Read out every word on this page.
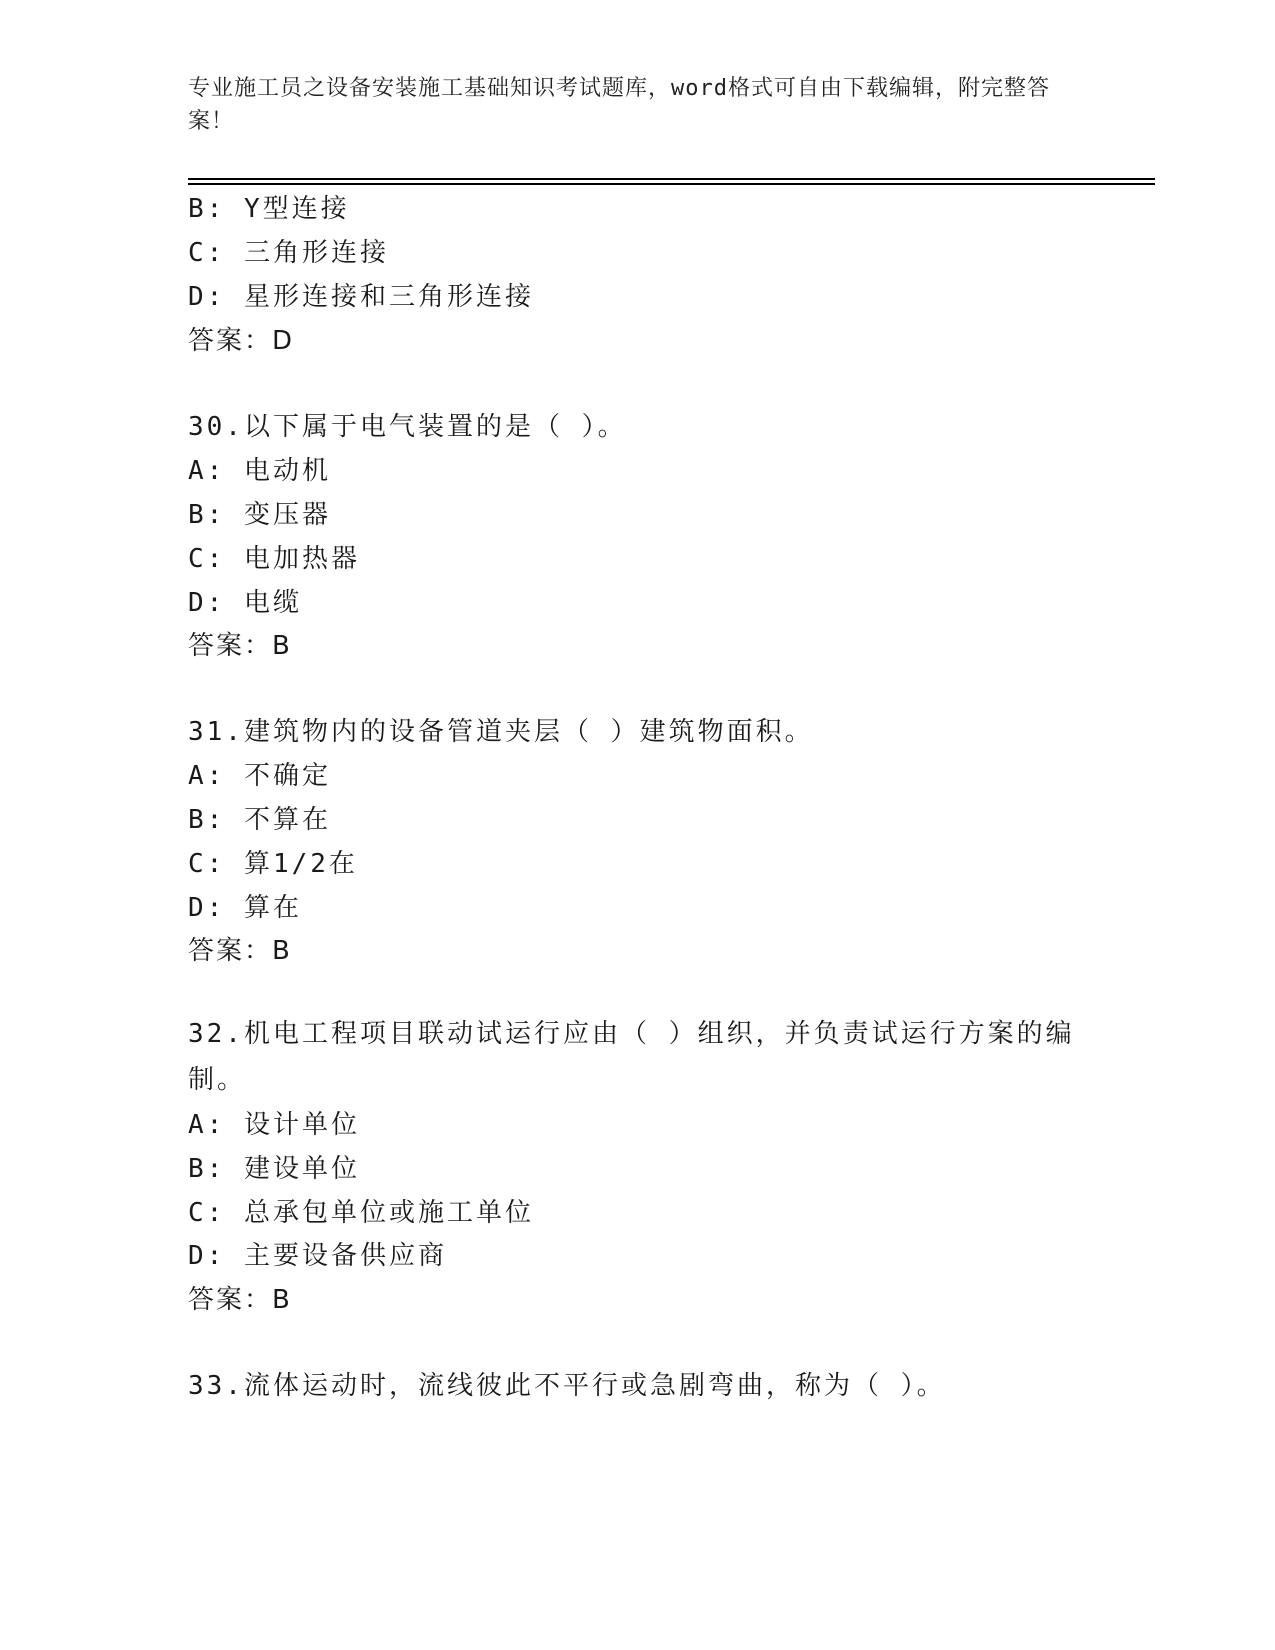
专业施工员之设备安装施工基础知识考试题库，word格式可自由下载编辑，附完整答案！
B: Y型连接
C: 三角形连接
D: 星形连接和三角形连接
答案：D
30.以下属于电气装置的是（ ）。
A: 电动机
B: 变压器
C: 电加热器
D: 电缆
答案：B
31.建筑物内的设备管道夹层（ ）建筑物面积。
A: 不确定
B: 不算在
C: 算1/2在
D: 算在
答案：B
32.机电工程项目联动试运行应由（ ）组织，并负责试运行方案的编制。
A: 设计单位
B: 建设单位
C: 总承包单位或施工单位
D: 主要设备供应商
答案：B
33.流体运动时，流线彼此不平行或急剧弯曲，称为（ ）。
